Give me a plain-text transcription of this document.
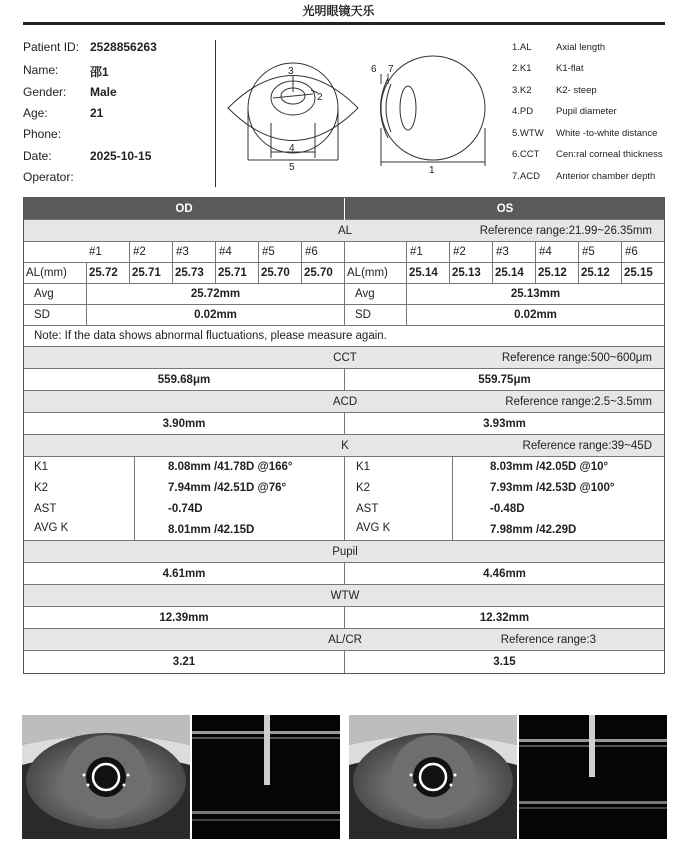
光明眼镜天乐
Patient ID: 2528856263
Name:	邵1
Gender: Male
Age:	21
Phone:
Date:	2025-10-15
Operator:
3
2
4
5
6 7
1
1.AL	Axial length
2.K1	K1-flat
3.K2	K2- steep
4.PD Pupil diameter
5.WTW White -to-white distance
6.CCT Cen:ral corneal thickness
7.ACD Anterior chamber depth
OD	OS
AL	Reference range:21.99~26.35mm
#1	#2	#3	#4	#5	#6	#1	#2	#3	#4	#5	#6
AL(mm)	25.72	25.71	25.73	25.71	25.70	25.70	AL(mm)	25.14	25.13	25.14	25.12	25.12	25.15
Avg	25.72mm	Avg	25.13mm
SD	0.02mm	SD	0.02mm
Note: If the data shows abnormal fluctuations, please measure again.
CCT	Reference range:500~600μm
559.68μm	559.75μm
ACD	Reference range:2.5~3.5mm
3.90mm	3.93mm
K	Reference range:39~45D
K1	8.08mm /41.78D @166°	K1	8.03mm /42.05D @10°
K2	7.94mm /42.51D @76°	K2	7.93mm /42.53D @100°
AST	-0.74D	AST	-0.48D
AVG K	8.01mm /42.15D	AVG K	7.98mm /42.29D
Pupil
4.61mm	4.46mm
WTW
12.39mm	12.32mm
AL/CR	Reference range:3
3.21	3.15
